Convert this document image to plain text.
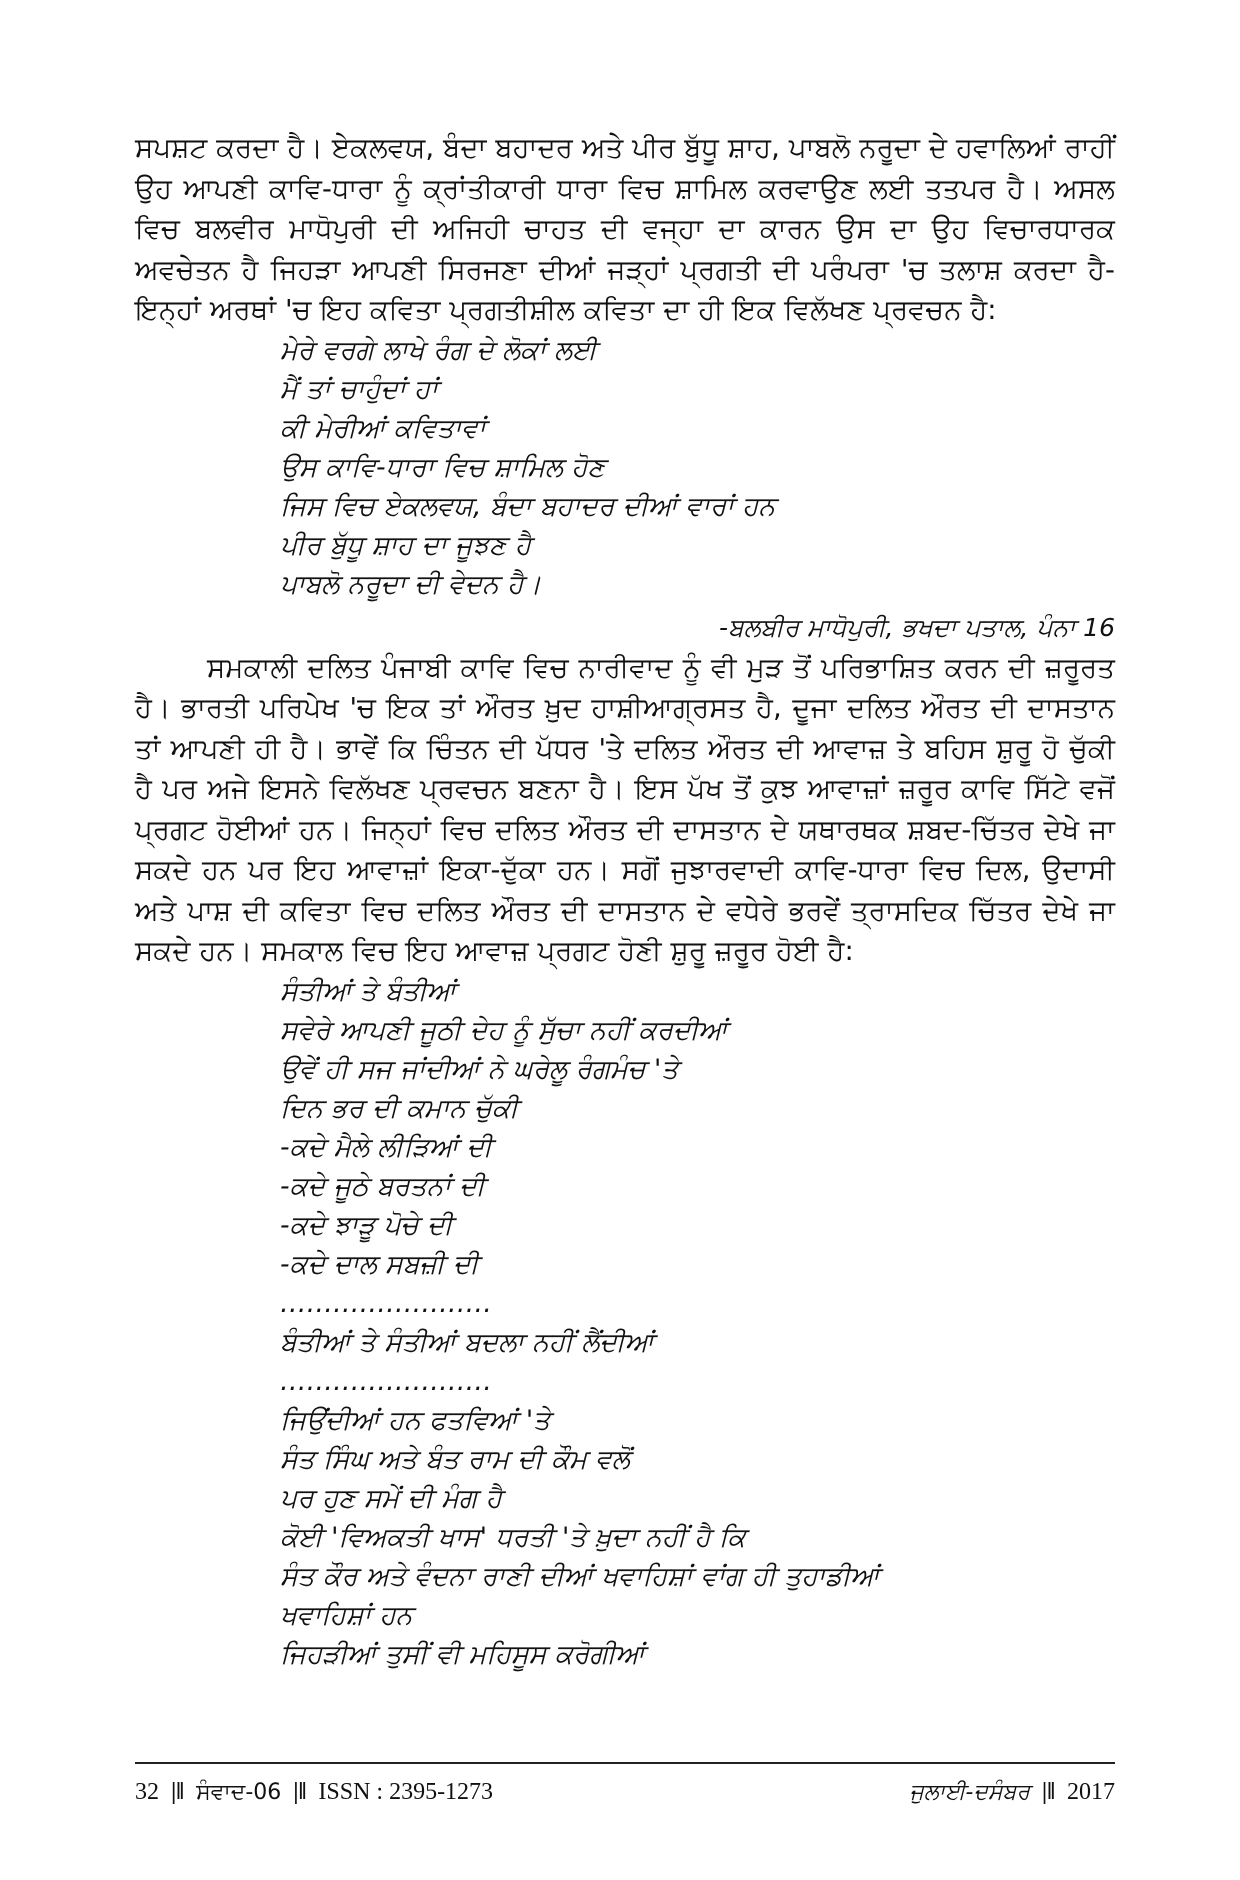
ਸਪਸ਼ਟ ਕਰਦਾ ਹੈ। ਏਕਲਵਯ, ਬੰਦਾ ਬਹਾਦਰ ਅਤੇ ਪੀਰ ਬੁੱਧੂ ਸ਼ਾਹ, ਪਾਬਲੋ ਨਰੂਦਾ ਦੇ ਹਵਾਲਿਆਂ ਰਾਹੀਂ ਉਹ ਆਪਣੀ ਕਾਵਿ-ਧਾਰਾ ਨੂੰ ਕ੍ਰਾਂਤੀਕਾਰੀ ਧਾਰਾ ਵਿਚ ਸ਼ਾਮਿਲ ਕਰਵਾਉਣ ਲਈ ਤਤਪਰ ਹੈ। ਅਸਲ ਵਿਚ ਬਲਵੀਰ ਮਾਧੋਪੁਰੀ ਦੀ ਅਜਿਹੀ ਚਾਹਤ ਦੀ ਵਜ੍ਹਾ ਦਾ ਕਾਰਨ ਉਸ ਦਾ ਉਹ ਵਿਚਾਰਧਾਰਕ ਅਵਚੇਤਨ ਹੈ ਜਿਹੜਾ ਆਪਣੀ ਸਿਰਜਣਾ ਦੀਆਂ ਜੜ੍ਹਾਂ ਪ੍ਰਗਤੀ ਦੀ ਪਰੰਪਰਾ 'ਚ ਤਲਾਸ਼ ਕਰਦਾ ਹੈ- ਇਨ੍ਹਾਂ ਅਰਥਾਂ 'ਚ ਇਹ ਕਵਿਤਾ ਪ੍ਰਗਤੀਸ਼ੀਲ ਕਵਿਤਾ ਦਾ ਹੀ ਇਕ ਵਿਲੱਖਣ ਪ੍ਰਵਚਨ ਹੈ:

ਮੇਰੇ ਵਰਗੇ ਲਾਖੇ ਰੰਗ ਦੇ ਲੋਕਾਂ ਲਈ
ਮੈਂ ਤਾਂ ਚਾਹੁੰਦਾਂ ਹਾਂ
ਕੀ ਮੇਰੀਆਂ ਕਵਿਤਾਵਾਂ
ਉਸ ਕਾਵਿ-ਧਾਰਾ ਵਿਚ ਸ਼ਾਮਿਲ ਹੋਣ
ਜਿਸ ਵਿਚ ਏਕਲਵਯ, ਬੰਦਾ ਬਹਾਦਰ ਦੀਆਂ ਵਾਰਾਂ ਹਨ
ਪੀਰ ਬੁੱਧੂ ਸ਼ਾਹ ਦਾ ਜੂਝਣ ਹੈ
ਪਾਬਲੋ ਨਰੂਦਾ ਦੀ ਵੇਦਨ ਹੈ।

-ਬਲਬੀਰ ਮਾਧੋਪੁਰੀ, ਭਖਦਾ ਪਤਾਲ, ਪੰਨਾ 16

ਸਮਕਾਲੀ ਦਲਿਤ ਪੰਜਾਬੀ ਕਾਵਿ ਵਿਚ ਨਾਰੀਵਾਦ ਨੂੰ ਵੀ ਮੁੜ ਤੋਂ ਪਰਿਭਾਸ਼ਿਤ ਕਰਨ ਦੀ ਜ਼ਰੂਰਤ ਹੈ। ਭਾਰਤੀ ਪਰਿਪੇਖ 'ਚ ਇਕ ਤਾਂ ਔਰਤ ਖ਼ੁਦ ਹਾਸ਼ੀਆਗ੍ਰਸਤ ਹੈ, ਦੂਜਾ ਦਲਿਤ ਔਰਤ ਦੀ ਦਾਸਤਾਨ ਤਾਂ ਆਪਣੀ ਹੀ ਹੈ। ਭਾਵੇਂ ਕਿ ਚਿੰਤਨ ਦੀ ਪੱਧਰ 'ਤੇ ਦਲਿਤ ਔਰਤ ਦੀ ਆਵਾਜ਼ ਤੇ ਬਹਿਸ ਸ਼ੁਰੂ ਹੋ ਚੁੱਕੀ ਹੈ ਪਰ ਅਜੇ ਇਸਨੇ ਵਿਲੱਖਣ ਪ੍ਰਵਚਨ ਬਣਨਾ ਹੈ। ਇਸ ਪੱਖ ਤੋਂ ਕੁਝ ਆਵਾਜ਼ਾਂ ਜ਼ਰੂਰ ਕਾਵਿ ਸਿੱਟੇ ਵਜੋਂ ਪ੍ਰਗਟ ਹੋਈਆਂ ਹਨ। ਜਿਨ੍ਹਾਂ ਵਿਚ ਦਲਿਤ ਔਰਤ ਦੀ ਦਾਸਤਾਨ ਦੇ ਯਥਾਰਥਕ ਸ਼ਬਦ-ਚਿੱਤਰ ਦੇਖੇ ਜਾ ਸਕਦੇ ਹਨ ਪਰ ਇਹ ਆਵਾਜ਼ਾਂ ਇਕਾ-ਦੁੱਕਾ ਹਨ। ਸਗੋਂ ਜੁਝਾਰਵਾਦੀ ਕਾਵਿ-ਧਾਰਾ ਵਿਚ ਦਿਲ, ਉਦਾਸੀ ਅਤੇ ਪਾਸ਼ ਦੀ ਕਵਿਤਾ ਵਿਚ ਦਲਿਤ ਔਰਤ ਦੀ ਦਾਸਤਾਨ ਦੇ ਵਧੇਰੇ ਭਰਵੇਂ ਤ੍ਰਾਸਦਿਕ ਚਿੱਤਰ ਦੇਖੇ ਜਾ ਸਕਦੇ ਹਨ। ਸਮਕਾਲ ਵਿਚ ਇਹ ਆਵਾਜ਼ ਪ੍ਰਗਟ ਹੋਣੀ ਸ਼ੁਰੂ ਜ਼ਰੂਰ ਹੋਈ ਹੈ:

ਸੰਤੀਆਂ ਤੇ ਬੰਤੀਆਂ
ਸਵੇਰੇ ਆਪਣੀ ਜੂਠੀ ਦੇਹ ਨੂੰ ਸੁੱਚਾ ਨਹੀਂ ਕਰਦੀਆਂ
ਉਵੇਂ ਹੀ ਸਜ ਜਾਂਦੀਆਂ ਨੇ ਘਰੇਲੂ ਰੰਗਮੰਚ 'ਤੇ
ਦਿਨ ਭਰ ਦੀ ਕਮਾਨ ਚੁੱਕੀ
-ਕਦੇ ਮੈਲੇ ਲੀੜਿਆਂ ਦੀ
-ਕਦੇ ਜੂਠੇ ਬਰਤਨਾਂ ਦੀ
-ਕਦੇ ਝਾੜੂ ਪੋਚੇ ਦੀ
-ਕਦੇ ਦਾਲ ਸਬਜ਼ੀ ਦੀ
……………………
ਬੰਤੀਆਂ ਤੇ ਸੰਤੀਆਂ ਬਦਲਾ ਨਹੀਂ ਲੈਂਦੀਆਂ
……………………
ਜਿਉਂਦੀਆਂ ਹਨ ਫਤਵਿਆਂ 'ਤੇ
ਸੰਤ ਸਿੰਘ ਅਤੇ ਬੰਤ ਰਾਮ ਦੀ ਕੌਮ ਵਲੋਂ
ਪਰ ਹੁਣ ਸਮੇਂ ਦੀ ਮੰਗ ਹੈ
ਕੋਈ 'ਵਿਅਕਤੀ ਖਾਸ' ਧਰਤੀ 'ਤੇ ਖ਼ੁਦਾ ਨਹੀਂ ਹੈ ਕਿ
ਸੰਤ ਕੌਰ ਅਤੇ ਵੰਦਨਾ ਰਾਣੀ ਦੀਆਂ ਖਵਾਹਿਸ਼ਾਂ ਵਾਂਗ ਹੀ ਤੁਹਾਡੀਆਂ
ਖਵਾਹਿਸ਼ਾਂ ਹਨ
ਜਿਹੜੀਆਂ ਤੁਸੀਂ ਵੀ ਮਹਿਸੂਸ ਕਰੋਗੀਆਂ
32 |ǁ ਸੰਵਾਦ-06 |ǁ ISSN : 2395-1273	ਜੁਲਾਈ-ਦਸੰਬਰ |ǁ 2017
